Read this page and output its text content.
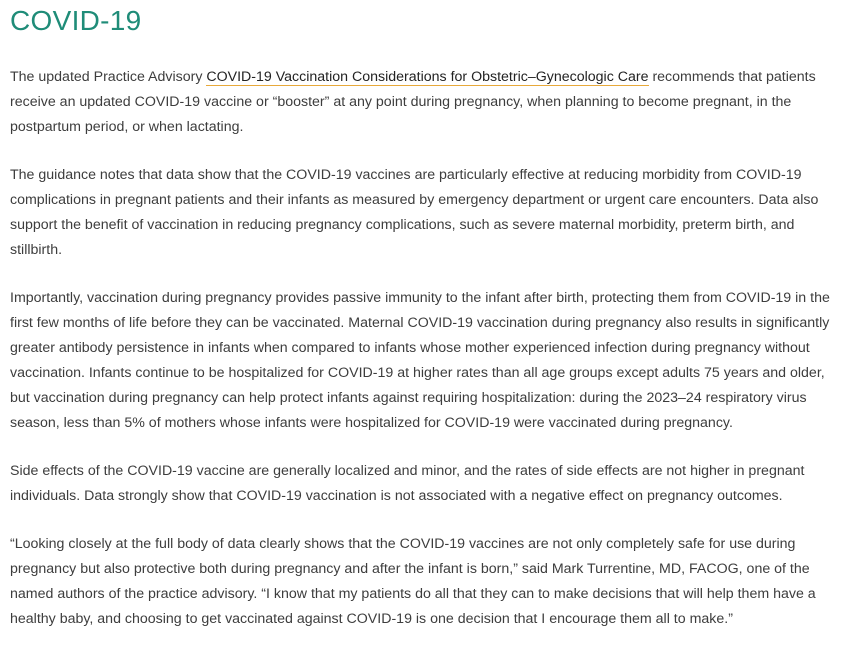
COVID-19

The updated Practice Advisory COVID-19 Vaccination Considerations for Obstetric–Gynecologic Care recommends that patients receive an updated COVID-19 vaccine or “booster” at any point during pregnancy, when planning to become pregnant, in the postpartum period, or when lactating.

The guidance notes that data show that the COVID-19 vaccines are particularly effective at reducing morbidity from COVID-19 complications in pregnant patients and their infants as measured by emergency department or urgent care encounters. Data also support the benefit of vaccination in reducing pregnancy complications, such as severe maternal morbidity, preterm birth, and stillbirth.

Importantly, vaccination during pregnancy provides passive immunity to the infant after birth, protecting them from COVID-19 in the first few months of life before they can be vaccinated. Maternal COVID-19 vaccination during pregnancy also results in significantly greater antibody persistence in infants when compared to infants whose mother experienced infection during pregnancy without vaccination. Infants continue to be hospitalized for COVID-19 at higher rates than all age groups except adults 75 years and older, but vaccination during pregnancy can help protect infants against requiring hospitalization: during the 2023–24 respiratory virus season, less than 5% of mothers whose infants were hospitalized for COVID-19 were vaccinated during pregnancy.

Side effects of the COVID-19 vaccine are generally localized and minor, and the rates of side effects are not higher in pregnant individuals. Data strongly show that COVID-19 vaccination is not associated with a negative effect on pregnancy outcomes.

“Looking closely at the full body of data clearly shows that the COVID-19 vaccines are not only completely safe for use during pregnancy but also protective both during pregnancy and after the infant is born,” said Mark Turrentine, MD, FACOG, one of the named authors of the practice advisory. “I know that my patients do all that they can to make decisions that will help them have a healthy baby, and choosing to get vaccinated against COVID-19 is one decision that I encourage them all to make.”
